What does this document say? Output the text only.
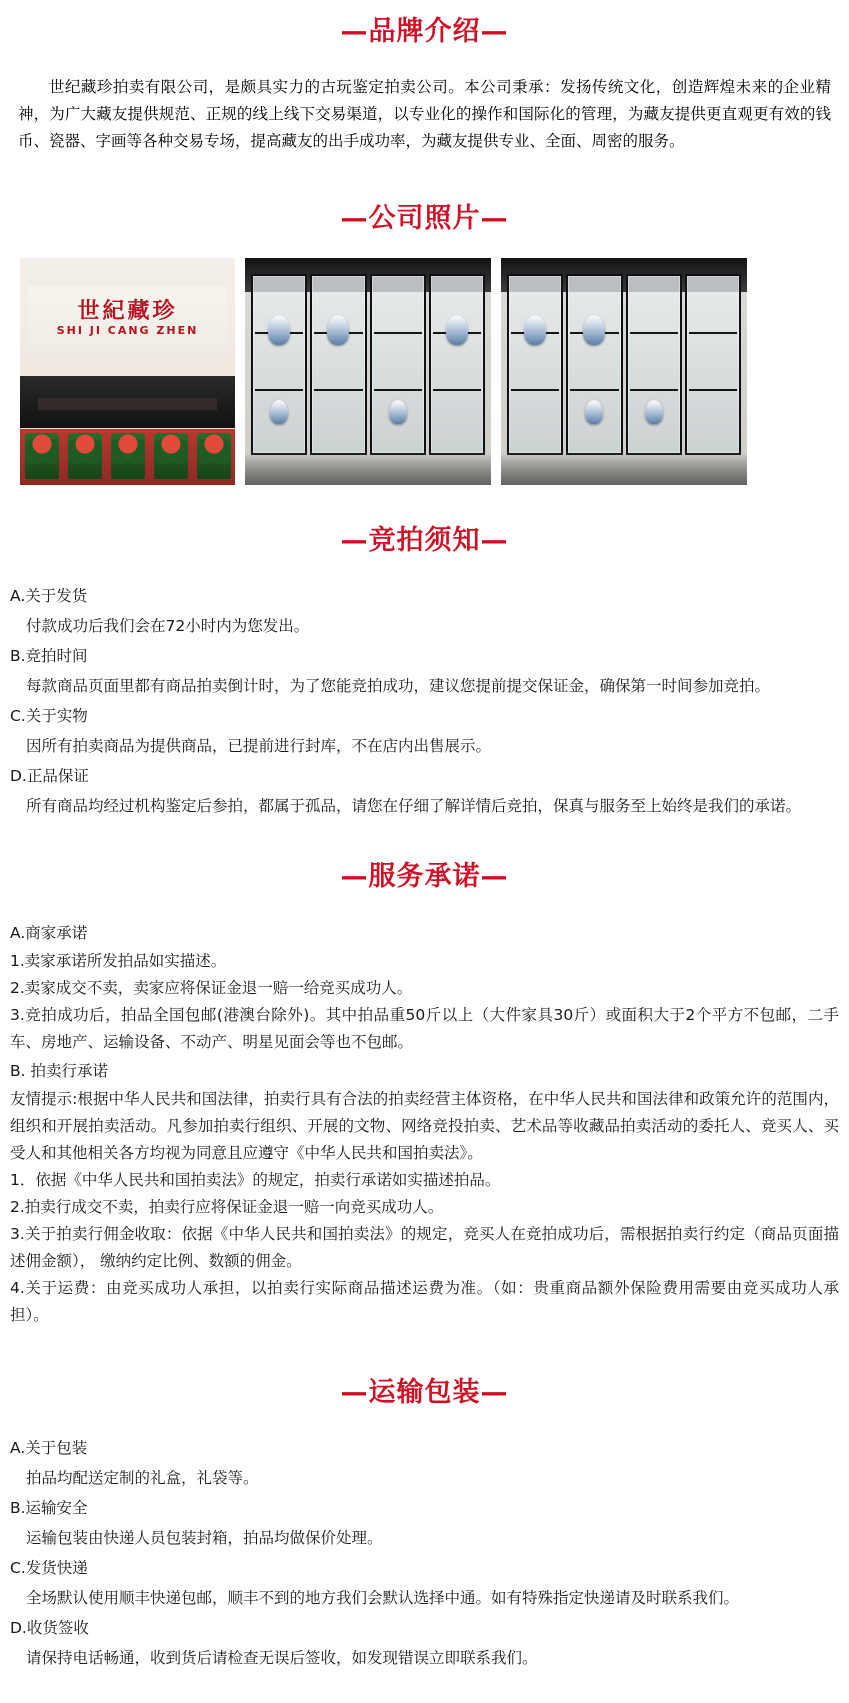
—品牌介绍—

世纪藏珍拍卖有限公司，是颇具实力的古玩鉴定拍卖公司。本公司秉承：发扬传统文化，创造辉煌未来的企业精神，为广大藏友提供规范、正规的线上线下交易渠道，以专业化的操作和国际化的管理，为藏友提供更直观更有效的钱币、瓷器、字画等各种交易专场，提高藏友的出手成功率，为藏友提供专业、全面、周密的服务。

—公司照片—
世紀藏珍
SHI JI CANG ZHEN
—竞拍须知—
A.关于发货
付款成功后我们会在72小时内为您发出。
B.竞拍时间
每款商品页面里都有商品拍卖倒计时，为了您能竞拍成功，建议您提前提交保证金，确保第一时间参加竞拍。
C.关于实物
因所有拍卖商品为提供商品，已提前进行封库，不在店内出售展示。
D.正品保证
所有商品均经过机构鉴定后参拍，都属于孤品，请您在仔细了解详情后竞拍，保真与服务至上始终是我们的承诺。
—服务承诺—
A.商家承诺
1.卖家承诺所发拍品如实描述。
2.卖家成交不卖，卖家应将保证金退一赔一给竞买成功人。
3.竞拍成功后，拍品全国包邮(港澳台除外)。其中拍品重50斤以上（大件家具30斤）或面积大于2个平方不包邮，二手车、房地产、运输设备、不动产、明星见面会等也不包邮。
B. 拍卖行承诺
友情提示:根据中华人民共和国法律，拍卖行具有合法的拍卖经营主体资格，在中华人民共和国法律和政策允许的范围内，组织和开展拍卖活动。凡参加拍卖行组织、开展的文物、网络竞投拍卖、艺术品等收藏品拍卖活动的委托人、竞买人、买受人和其他相关各方均视为同意且应遵守《中华人民共和国拍卖法》。
1．依据《中华人民共和国拍卖法》的规定，拍卖行承诺如实描述拍品。
2.拍卖行成交不卖，拍卖行应将保证金退一赔一向竞买成功人。
3.关于拍卖行佣金收取：依据《中华人民共和国拍卖法》的规定，竞买人在竞拍成功后，需根据拍卖行约定（商品页面描述佣金额）， 缴纳约定比例、数额的佣金。
4.关于运费：由竞买成功人承担，以拍卖行实际商品描述运费为准。（如：贵重商品额外保险费用需要由竞买成功人承担）。
—运输包装—
A.关于包装
拍品均配送定制的礼盒，礼袋等。
B.运输安全
运输包装由快递人员包装封箱，拍品均做保价处理。
C.发货快递
全场默认使用顺丰快递包邮，顺丰不到的地方我们会默认选择中通。如有特殊指定快递请及时联系我们。
D.收货签收
请保持电话畅通，收到货后请检查无误后签收，如发现错误立即联系我们。
